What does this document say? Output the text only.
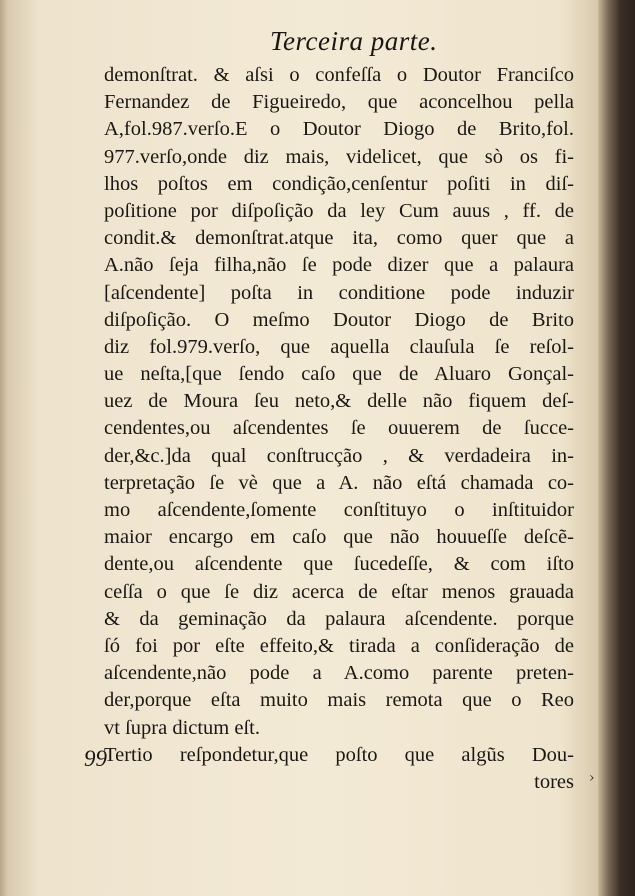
›
Terceira parte.
99
demonſtrat. & aſsi o confeſſa o Doutor Franciſco
Fernandez de Figueiredo, que aconcelhou pella
A,fol.987.verſo.E o Doutor Diogo de Brito,fol.
977.verſo,onde diz mais, videlicet, que sò os fi-
lhos poſtos em condição,cenſentur poſiti in diſ-
poſitione por diſpoſição da ley Cum auus , ff. de
condit.& demonſtrat.atque ita, como quer que a
A.não ſeja filha,não ſe pode dizer que a palaura
[aſcendente] poſta in conditione pode induzir
diſpoſição. O meſmo Doutor Diogo de Brito
diz fol.979.verſo, que aquella clauſula ſe reſol-
ue neſta,[que ſendo caſo que de Aluaro Gonçal-
uez de Moura ſeu neto,& delle não fiquem deſ-
cendentes,ou aſcendentes ſe ouuerem de ſucce-
der,&c.]da qual conſtrucção , & verdadeira in-
terpretação ſe vè que a A. não eſtá chamada co-
mo aſcendente,ſomente conſtituyo o inſtituidor
maior encargo em caſo que não houueſſe deſcẽ-
dente,ou aſcendente que ſucedeſſe, & com iſto
ceſſa o que ſe diz acerca de eſtar menos grauada
& da geminação da palaura aſcendente. porque
ſó foi por eſte effeito,& tirada a conſideração de
aſcendente,não pode a A.como parente preten-
der,porque eſta muito mais remota que o Reo
vt ſupra dictum eſt.
Tertio reſpondetur,que poſto que algũs Dou-
tores
